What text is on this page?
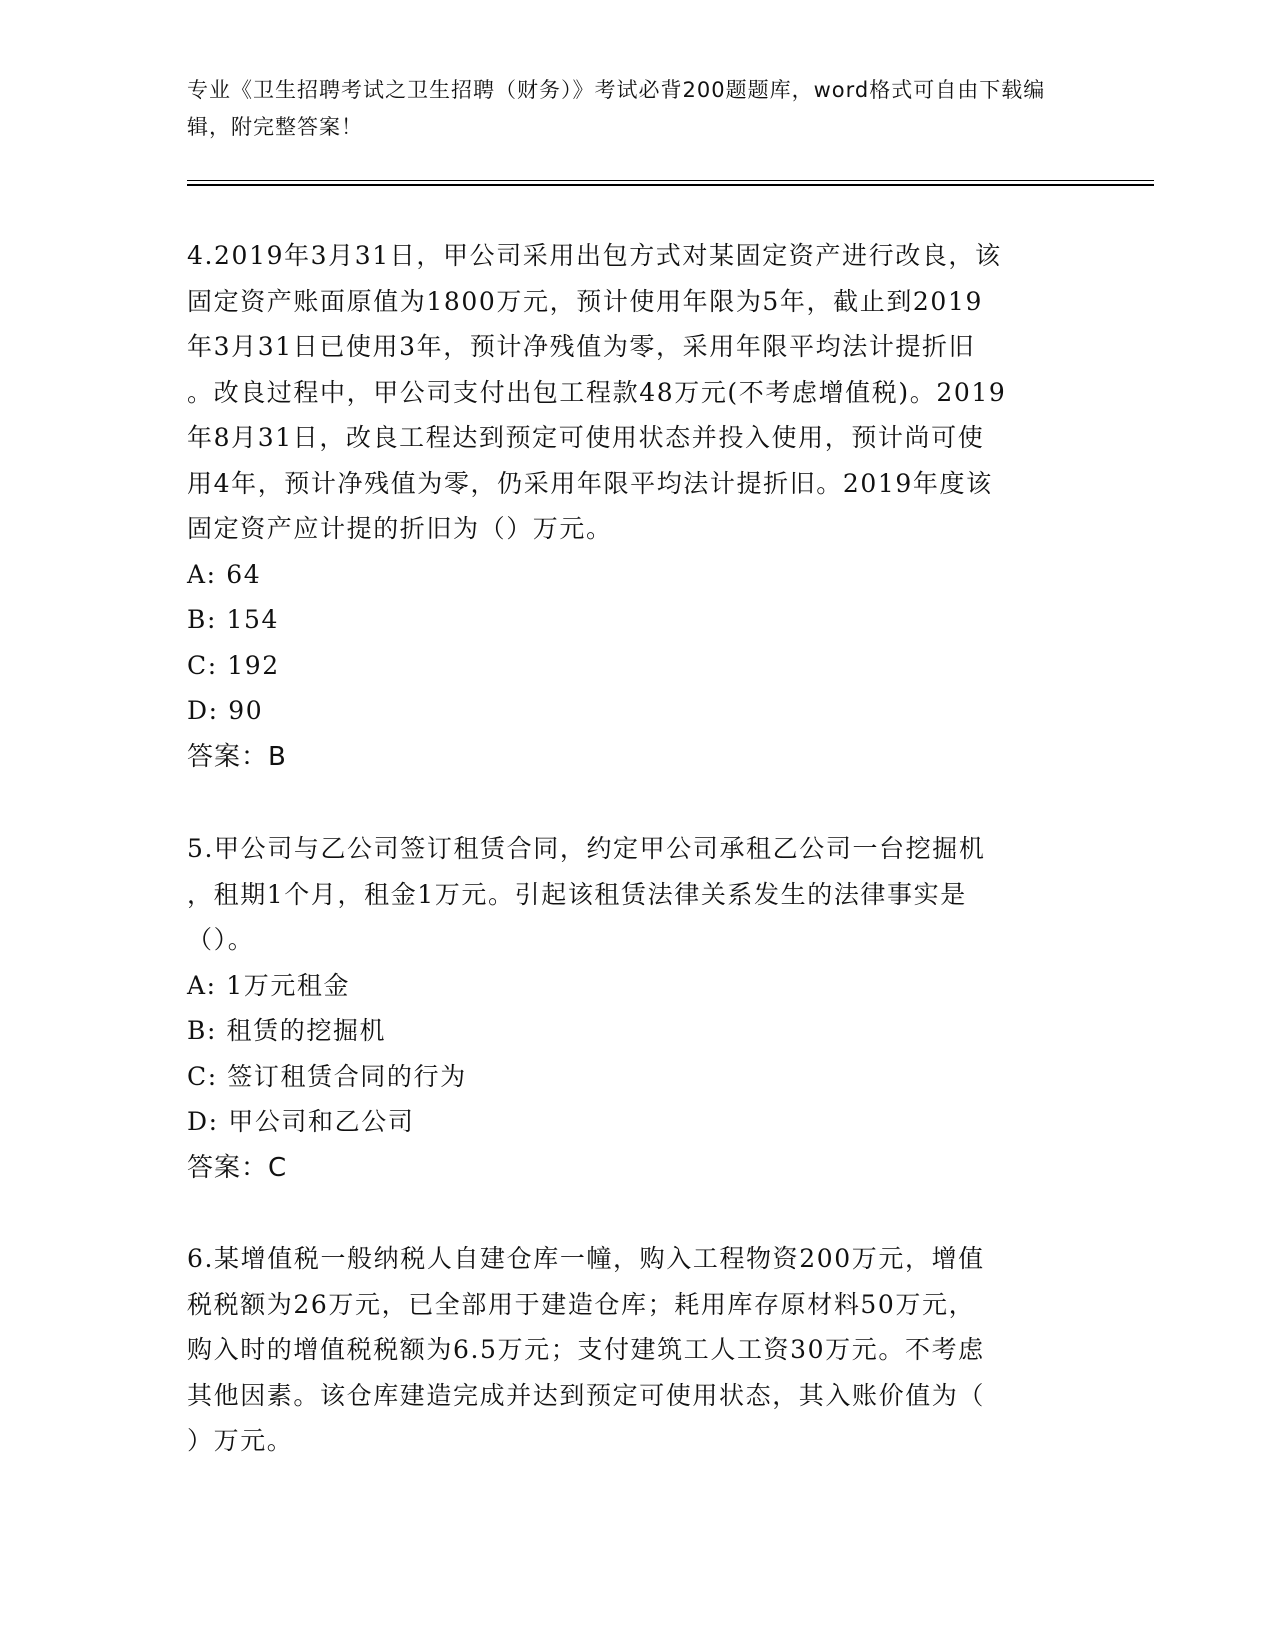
专业《卫生招聘考试之卫生招聘（财务）》考试必背200题题库，word格式可自由下载编辑，附完整答案！

4.2019年3月31日，甲公司采用出包方式对某固定资产进行改良，该
固定资产账面原值为1800万元，预计使用年限为5年，截止到2019
年3月31日已使用3年，预计净残值为零，采用年限平均法计提折旧
。改良过程中，甲公司支付出包工程款48万元(不考虑增值税)。2019
年8月31日，改良工程达到预定可使用状态并投入使用，预计尚可使
用4年，预计净残值为零，仍采用年限平均法计提折旧。2019年度该
固定资产应计提的折旧为（）万元。

A: 64

B: 154

C: 192

D: 90

答案：B

5.甲公司与乙公司签订租赁合同，约定甲公司承租乙公司一台挖掘机
，租期1个月，租金1万元。引起该租赁法律关系发生的法律事实是
（）。

A: 1万元租金

B: 租赁的挖掘机

C: 签订租赁合同的行为

D: 甲公司和乙公司

答案：C

6.某增值税一般纳税人自建仓库一幢，购入工程物资200万元，增值
税税额为26万元，已全部用于建造仓库；耗用库存原材料50万元，
购入时的增值税税额为6.5万元；支付建筑工人工资30万元。不考虑
其他因素。该仓库建造完成并达到预定可使用状态，其入账价值为（
）万元。
